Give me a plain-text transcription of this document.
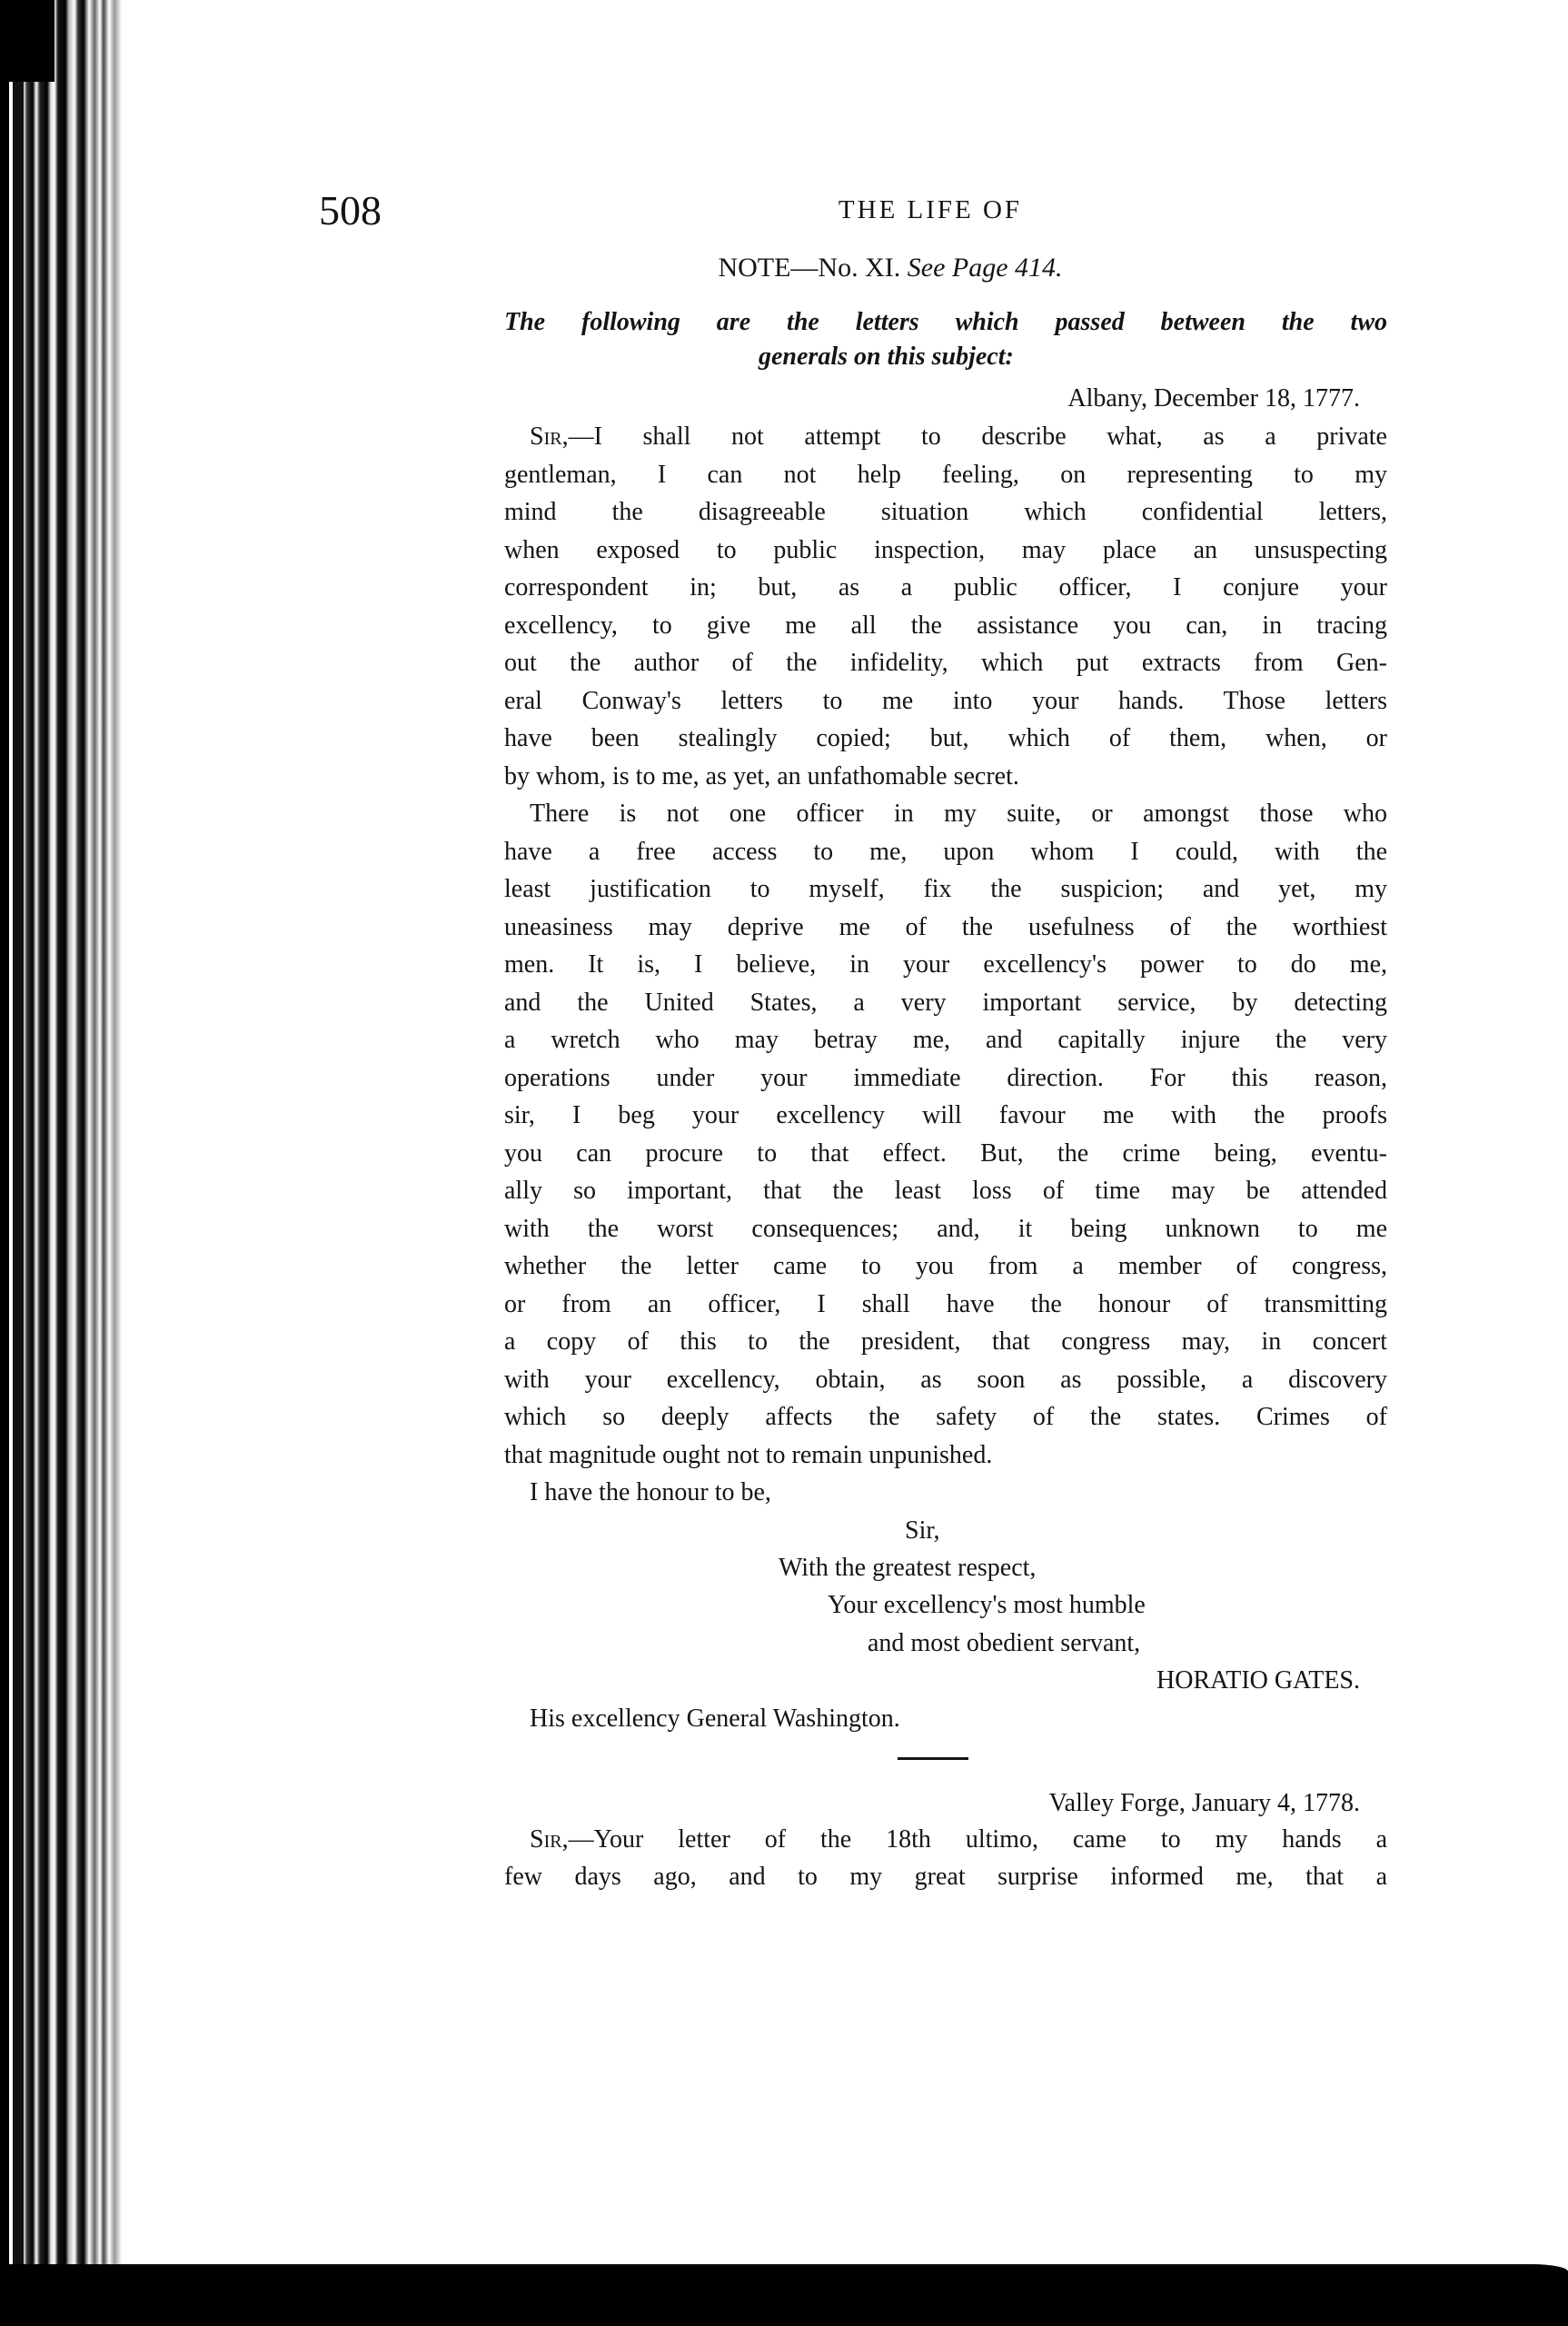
508	THE LIFE OF
NOTE—No. XI. See Page 414.
The following are the letters which passed between the two
generals on this subject:
Albany, December 18, 1777.
Sir,—I shall not attempt to describe what, as a private
gentleman, I can not help feeling, on representing to my
mind the disagreeable situation which confidential letters,
when exposed to public inspection, may place an unsuspecting
correspondent in; but, as a public officer, I conjure your
excellency, to give me all the assistance you can, in tracing
out the author of the infidelity, which put extracts from Gen-
eral Conway's letters to me into your hands. Those letters
have been stealingly copied; but, which of them, when, or
by whom, is to me, as yet, an unfathomable secret.
There is not one officer in my suite, or amongst those who
have a free access to me, upon whom I could, with the
least justification to myself, fix the suspicion; and yet, my
uneasiness may deprive me of the usefulness of the worthiest
men. It is, I believe, in your excellency's power to do me,
and the United States, a very important service, by detecting
a wretch who may betray me, and capitally injure the very
operations under your immediate direction. For this reason,
sir, I beg your excellency will favour me with the proofs
you can procure to that effect. But, the crime being, eventu-
ally so important, that the least loss of time may be attended
with the worst consequences; and, it being unknown to me
whether the letter came to you from a member of congress,
or from an officer, I shall have the honour of transmitting
a copy of this to the president, that congress may, in concert
with your excellency, obtain, as soon as possible, a discovery
which so deeply affects the safety of the states. Crimes of
that magnitude ought not to remain unpunished.
I have the honour to be,
Sir,
With the greatest respect,
Your excellency's most humble
and most obedient servant,
HORATIO GATES.
His excellency General Washington.
Valley Forge, January 4, 1778.
Sir,—Your letter of the 18th ultimo, came to my hands a
few days ago, and to my great surprise informed me, that a
